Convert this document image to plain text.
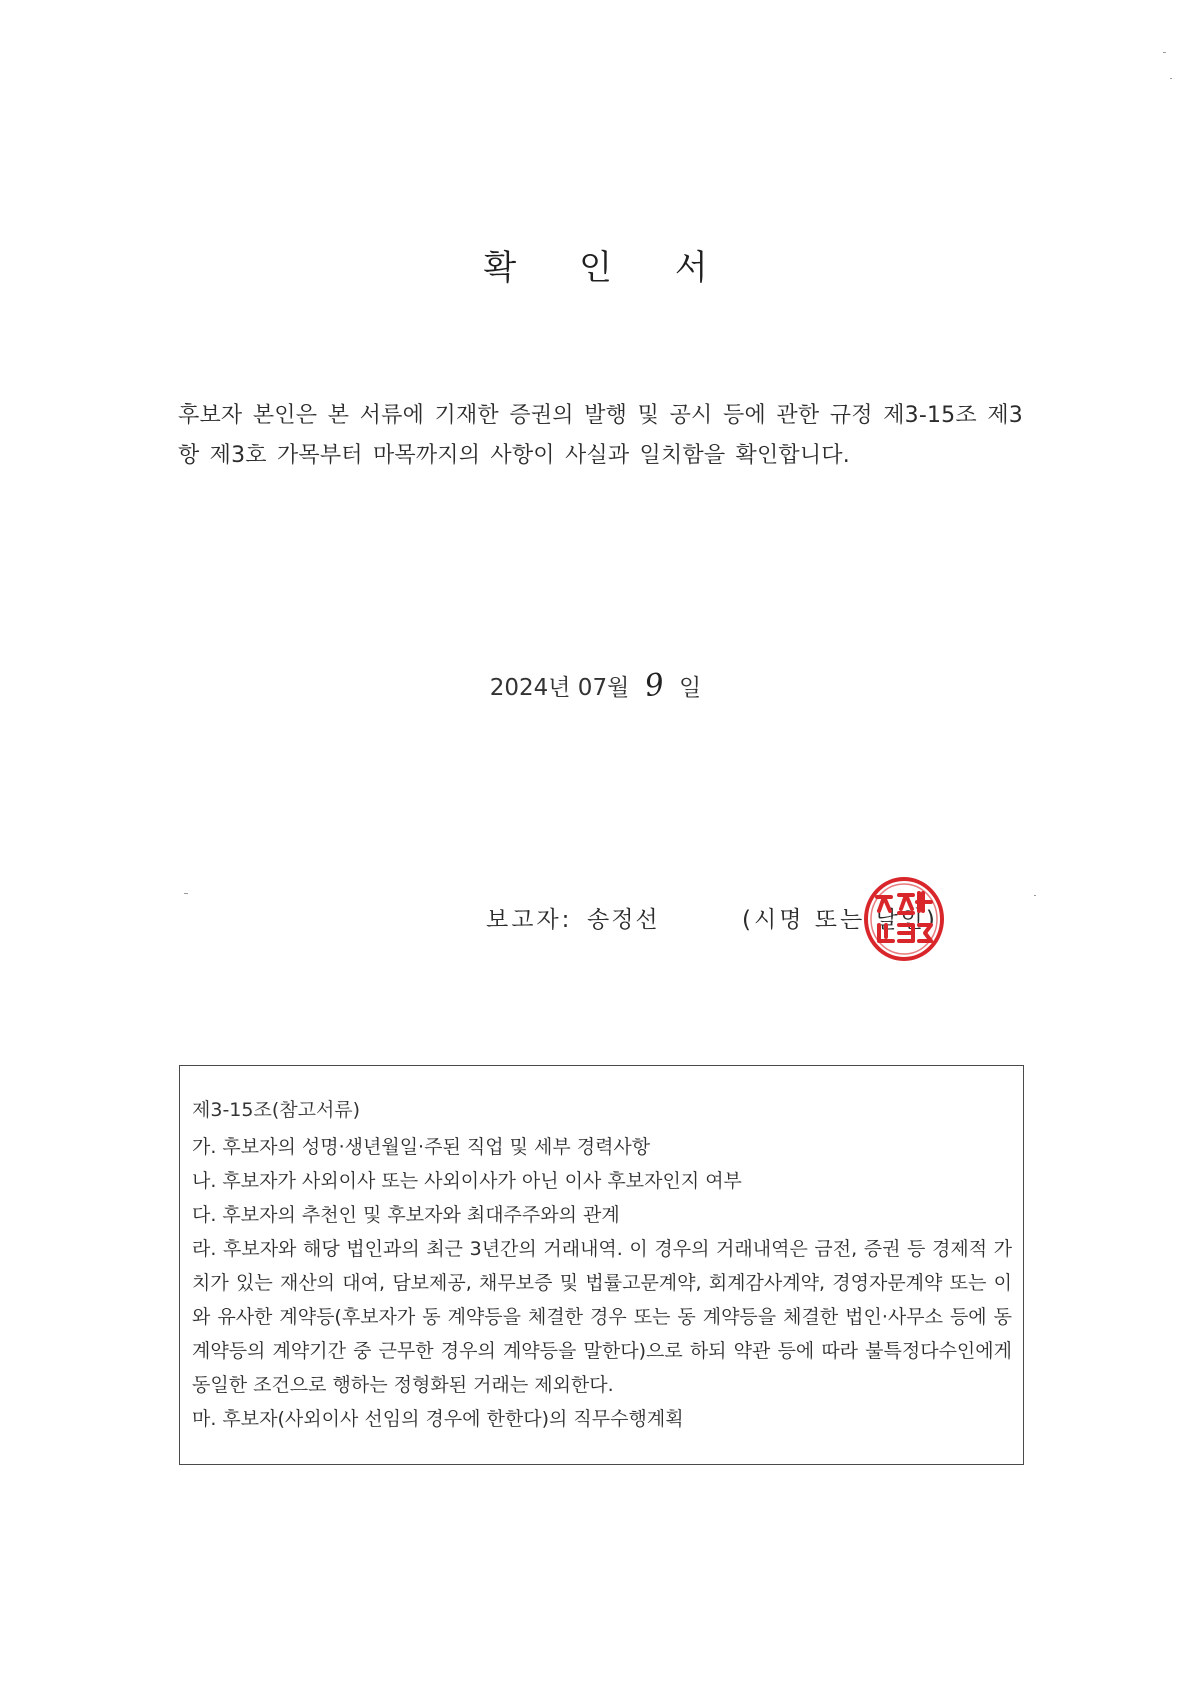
확 인 서
후보자 본인은 본 서류에 기재한 증권의 발행 및 공시 등에 관한 규정 제3-15조 제3항 제3호 가목부터 마목까지의 사항이 사실과 일치함을 확인합니다.
2024년 07월 9 일
보고자: 송정선	(시명 또는 날인)
제3-15조(참고서류)
가. 후보자의 성명·생년월일·주된 직업 및 세부 경력사항
나. 후보자가 사외이사 또는 사외이사가 아닌 이사 후보자인지 여부
다. 후보자의 추천인 및 후보자와 최대주주와의 관계
라. 후보자와 해당 법인과의 최근 3년간의 거래내역. 이 경우의 거래내역은 금전, 증권 등 경제적 가치가 있는 재산의 대여, 담보제공, 채무보증 및 법률고문계약, 회계감사계약, 경영자문계약 또는 이와 유사한 계약등(후보자가 동 계약등을 체결한 경우 또는 동 계약등을 체결한 법인·사무소 등에 동 계약등의 계약기간 중 근무한 경우의 계약등을 말한다)으로 하되 약관 등에 따라 불특정다수인에게 동일한 조건으로 행하는 정형화된 거래는 제외한다.
마. 후보자(사외이사 선임의 경우에 한한다)의 직무수행계획
